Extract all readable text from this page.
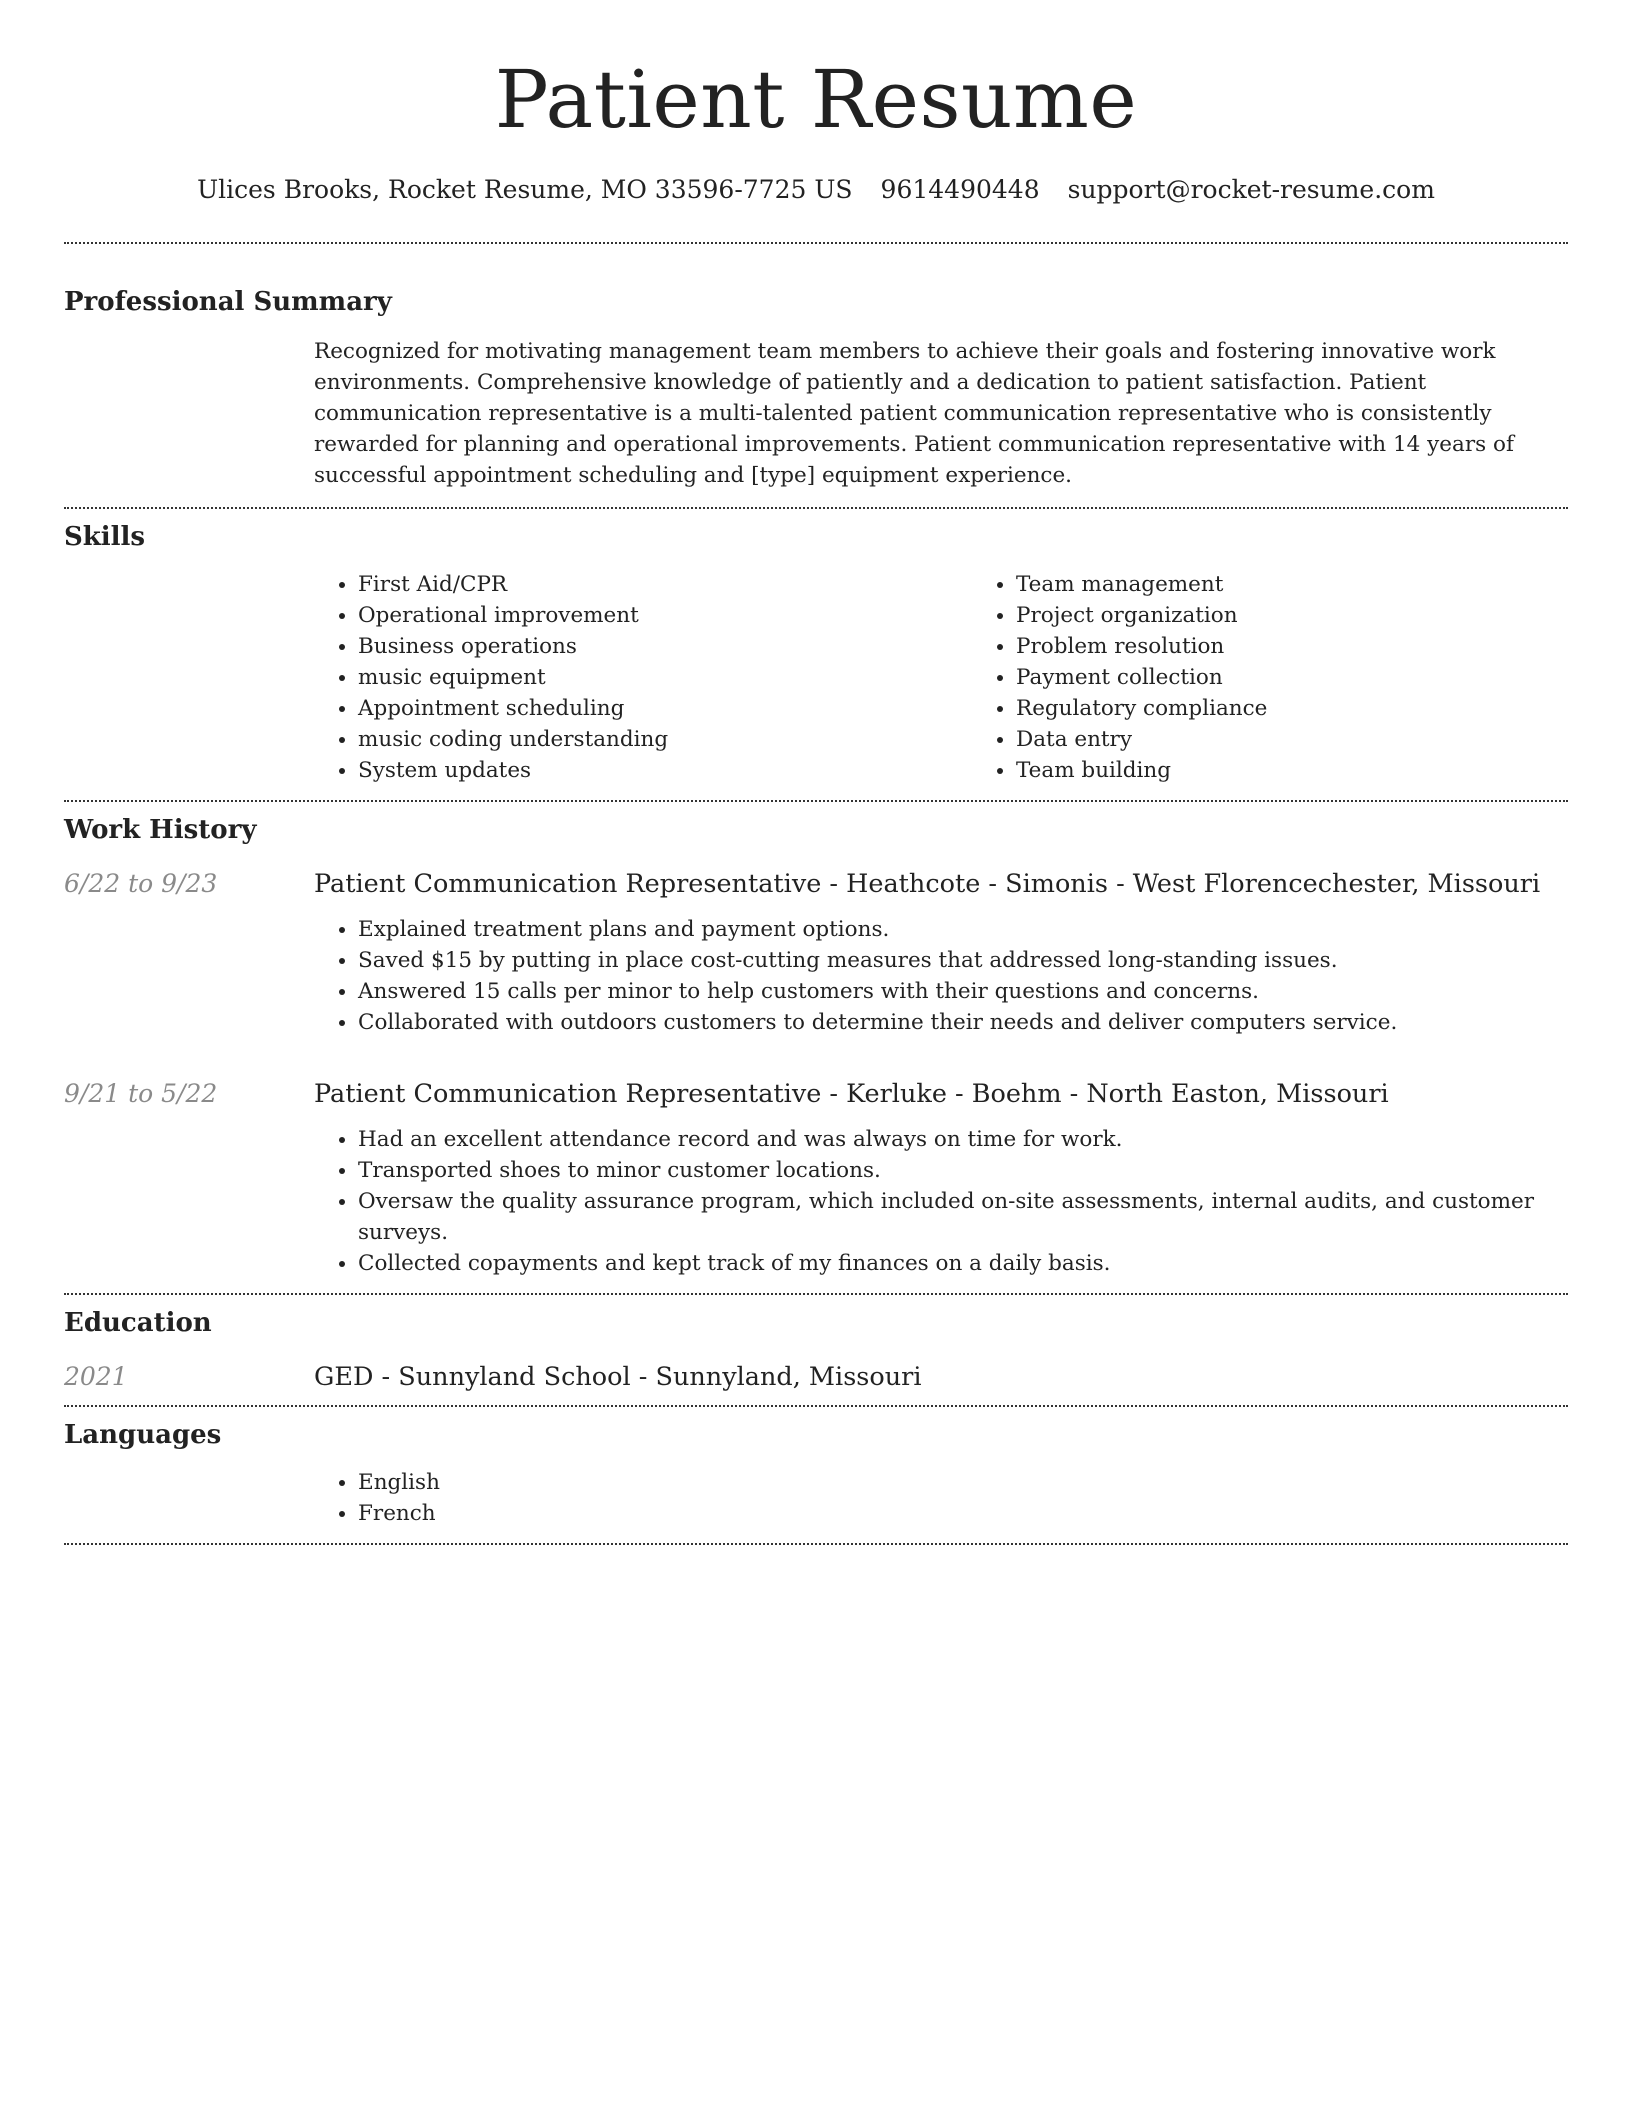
Patient Resume
Ulices Brooks, Rocket Resume, MO 33596-7725 US 9614490448 support@rocket-resume.com
Professional Summary

Recognized for motivating management team members to achieve their goals and fostering innovative work environments. Comprehensive knowledge of patiently and a dedication to patient satisfaction. Patient communication representative is a multi-talented patient communication representative who is consistently rewarded for planning and operational improvements. Patient communication representative with 14 years of successful appointment scheduling and [type] equipment experience.

Skills
• First Aid/CPR
• Operational improvement
• Business operations
• music equipment
• Appointment scheduling
• music coding understanding
• System updates
• Team management
• Project organization
• Problem resolution
• Payment collection
• Regulatory compliance
• Data entry
• Team building
Work History
6/22 to 9/23	Patient Communication Representative - Heathcote - Simonis - West Florencechester, Missouri
• Explained treatment plans and payment options.
• Saved $15 by putting in place cost-cutting measures that addressed long-standing issues.
• Answered 15 calls per minor to help customers with their questions and concerns.
• Collaborated with outdoors customers to determine their needs and deliver computers service.
9/21 to 5/22	Patient Communication Representative - Kerluke - Boehm - North Easton, Missouri
• Had an excellent attendance record and was always on time for work.
• Transported shoes to minor customer locations.
• Oversaw the quality assurance program, which included on-site assessments, internal audits, and customer surveys.
• Collected copayments and kept track of my finances on a daily basis.
Education
2021	GED - Sunnyland School - Sunnyland, Missouri
Languages
• English
• French
